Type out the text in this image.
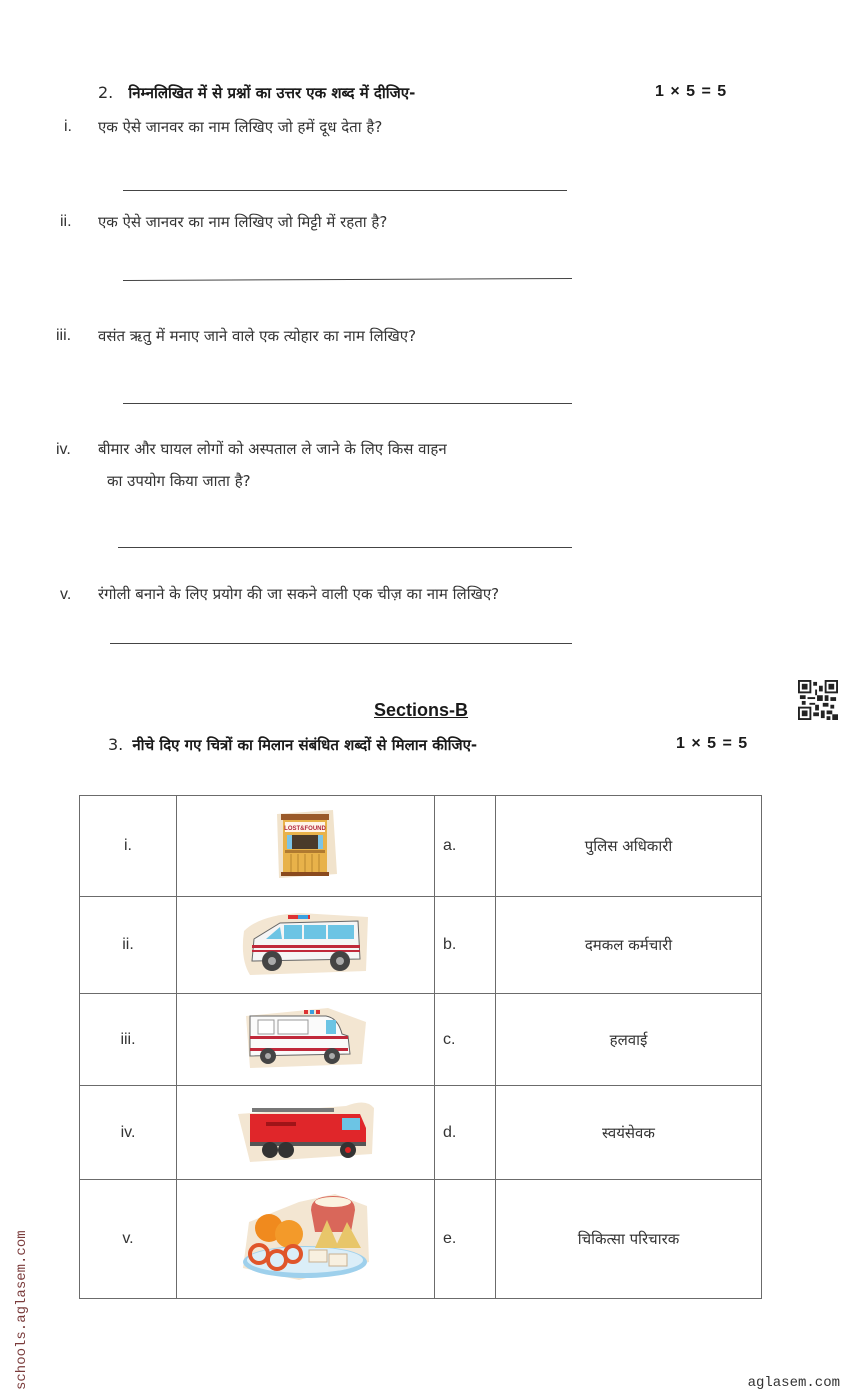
2. निम्नलिखित में से प्रश्नों का उत्तर एक शब्द में दीजिए-	1 × 5 = 5
i. एक ऐसे जानवर का नाम लिखिए जो हमें दूध देता है?
ii. एक ऐसे जानवर का नाम लिखिए जो मिट्टी में रहता है?
iii. वसंत ऋतु में मनाए जाने वाले एक त्योहार का नाम लिखिए?
iv. बीमार और घायल लोगों को अस्पताल ले जाने के लिए किस वाहन
का उपयोग किया जाता है?
v. रंगोली बनाने के लिए प्रयोग की जा सकने वाली एक चीज़ का नाम लिखिए?
Sections-B
3. नीचे दिए गए चित्रों का मिलान संबंधित शब्दों से मिलान कीजिए-	1 × 5 = 5
i.	LOST&FOUND	a.	पुलिस अधिकारी
ii.		b.	दमकल कर्मचारी
iii.		c.	हलवाई
iv.		d.	स्वयंसेवक
v.		e.	चिकित्सा परिचारक
schools.aglasem.com	aglasem.com
